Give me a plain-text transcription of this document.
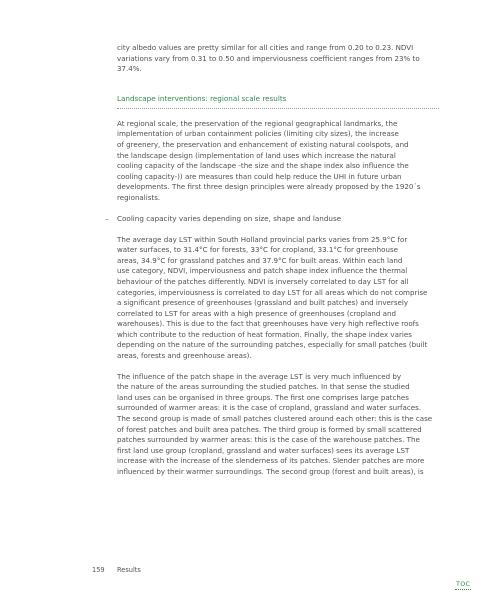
city albedo values are pretty similar for all cities and range from 0.20 to 0.23. NDVI

variations vary from 0.31 to 0.50 and imperviousness coefficient ranges from 23% to

37.4%.

Landscape interventions: regional scale results

At regional scale, the preservation of the regional geographical landmarks, the

implementation of urban containment policies (limiting city sizes), the increase

of greenery, the preservation and enhancement of existing natural coolspots, and

the landscape design (implementation of land uses which increase the natural

cooling capacity of the landscape -the size and the shape index also influence the

cooling capacity-)) are measures than could help reduce the UHI in future urban

developments. The first three design principles were already proposed by the 1920´s

regionalists.

– Cooling capacity varies depending on size, shape and landuse

The average day LST within South Holland provincial parks varies from 25.9°C for

water surfaces, to 31.4°C for forests, 33°C for cropland, 33.1°C for greenhouse

areas, 34.9°C for grassland patches and 37.9°C for built areas. Within each land

use category, NDVI, imperviousness and patch shape index influence the thermal

behaviour of the patches differently. NDVI is inversely correlated to day LST for all

categories, imperviousness is correlated to day LST for all areas which do not comprise

a significant presence of greenhouses (grassland and built patches) and inversely

correlated to LST for areas with a high presence of greenhouses (cropland and

warehouses). This is due to the fact that greenhouses have very high reflective roofs

which contribute to the reduction of heat formation. Finally, the shape index varies

depending on the nature of the surrounding patches, especially for small patches (built

areas, forests and greenhouse areas).

The influence of the patch shape in the average LST is very much influenced by

the nature of the areas surrounding the studied patches. In that sense the studied

land uses can be organised in three groups. The first one comprises large patches

surrounded of warmer areas: it is the case of cropland, grassland and water surfaces.

The second group is made of small patches clustered around each other: this is the case

of forest patches and built area patches. The third group is formed by small scattered

patches surrounded by warmer areas: this is the case of the warehouse patches. The

first land use group (cropland, grassland and water surfaces) sees its average LST

increase with the increase of the slenderness of its patches. Slender patches are more

influenced by their warmer surroundings. The second group (forest and built areas), is

159 Results
TOC
